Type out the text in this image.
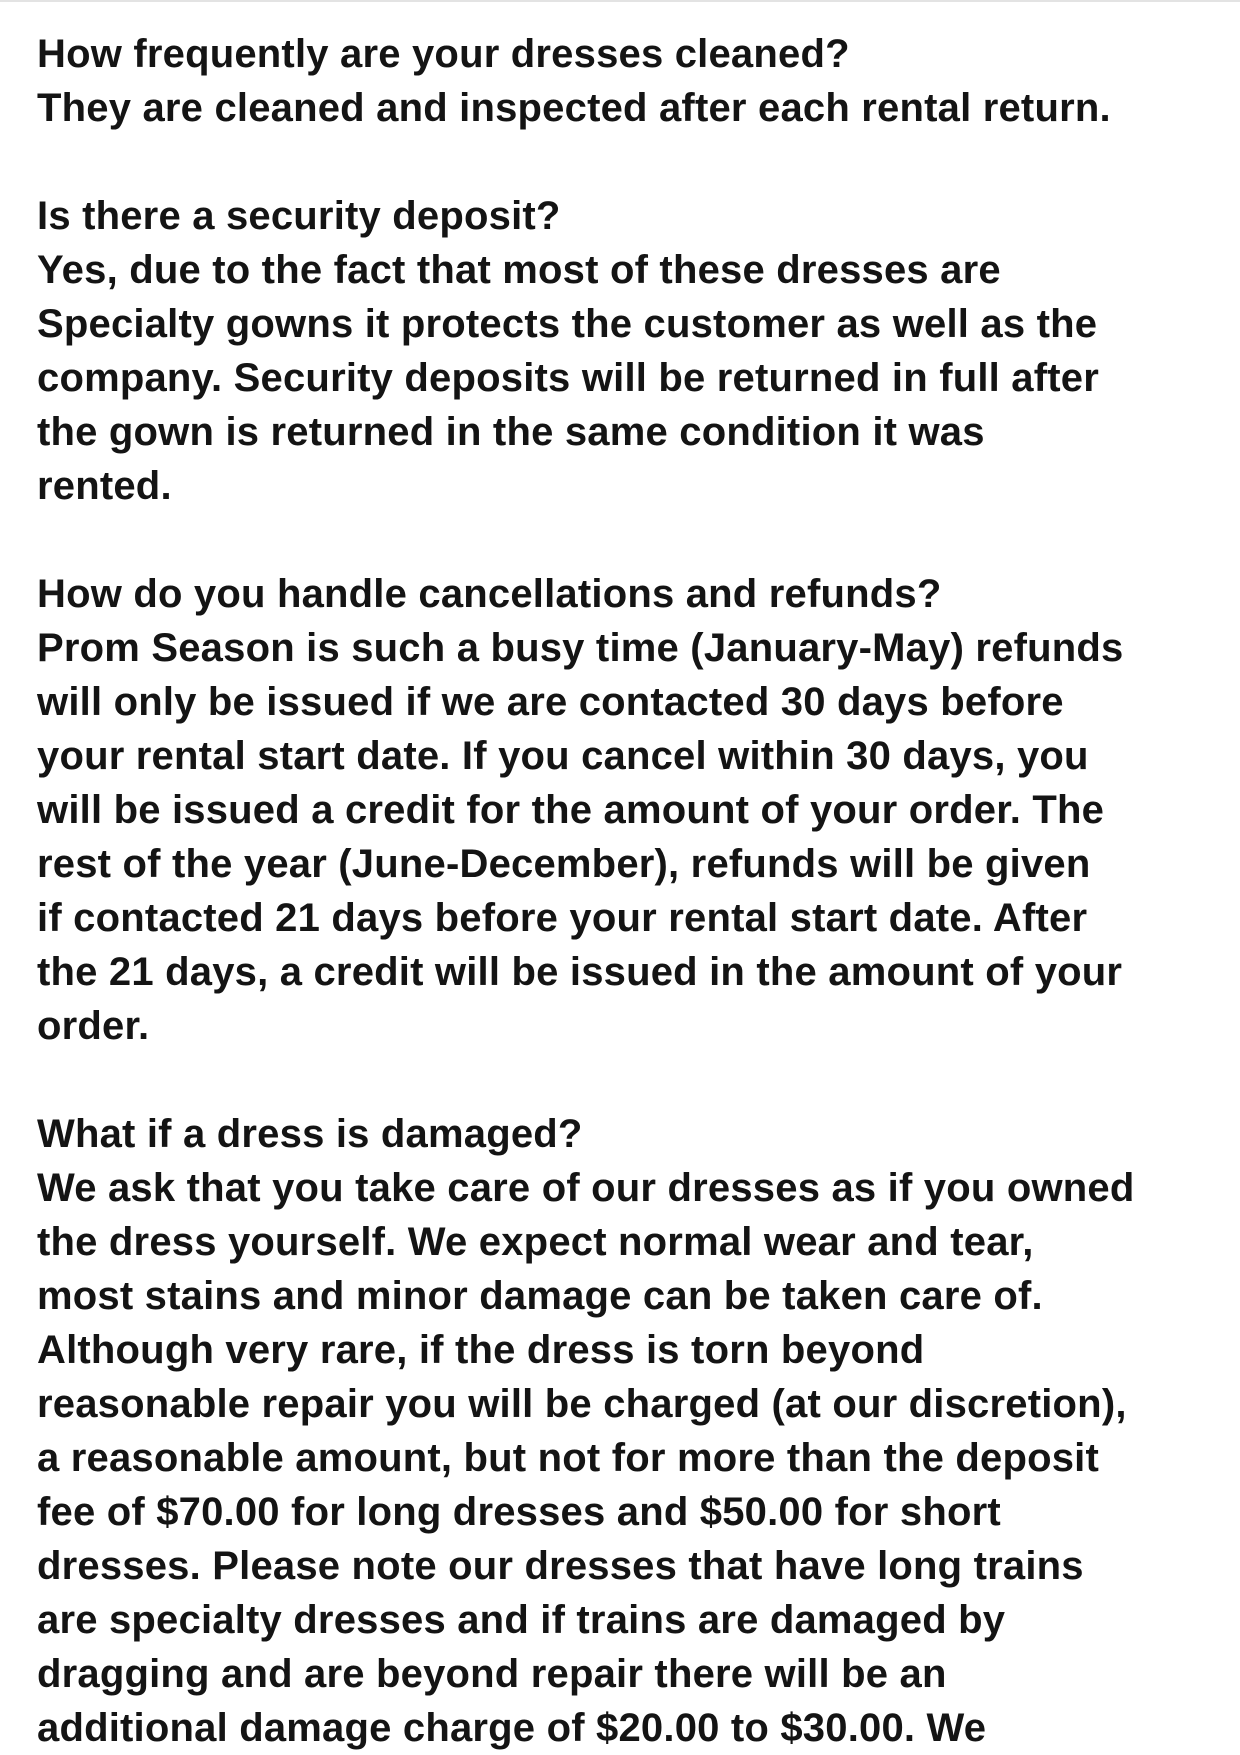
How frequently are your dresses cleaned?

They are cleaned and inspected after each rental return.

Is there a security deposit?

Yes, due to the fact that most of these dresses are
Specialty gowns it protects the customer as well as the
company. Security deposits will be returned in full after
the gown is returned in the same condition it was
rented.

How do you handle cancellations and refunds?

Prom Season is such a busy time (January-May) refunds
will only be issued if we are contacted 30 days before
your rental start date. If you cancel within 30 days, you
will be issued a credit for the amount of your order. The
rest of the year (June-December), refunds will be given
if contacted 21 days before your rental start date. After
the 21 days, a credit will be issued in the amount of your
order.

What if a dress is damaged?

We ask that you take care of our dresses as if you owned
the dress yourself. We expect normal wear and tear,
most stains and minor damage can be taken care of.
Although very rare, if the dress is torn beyond
reasonable repair you will be charged (at our discretion),
a reasonable amount, but not for more than the deposit
fee of $70.00 for long dresses and $50.00 for short
dresses. Please note our dresses that have long trains
are specialty dresses and if trains are damaged by
dragging and are beyond repair there will be an
additional damage charge of $20.00 to $30.00. We
